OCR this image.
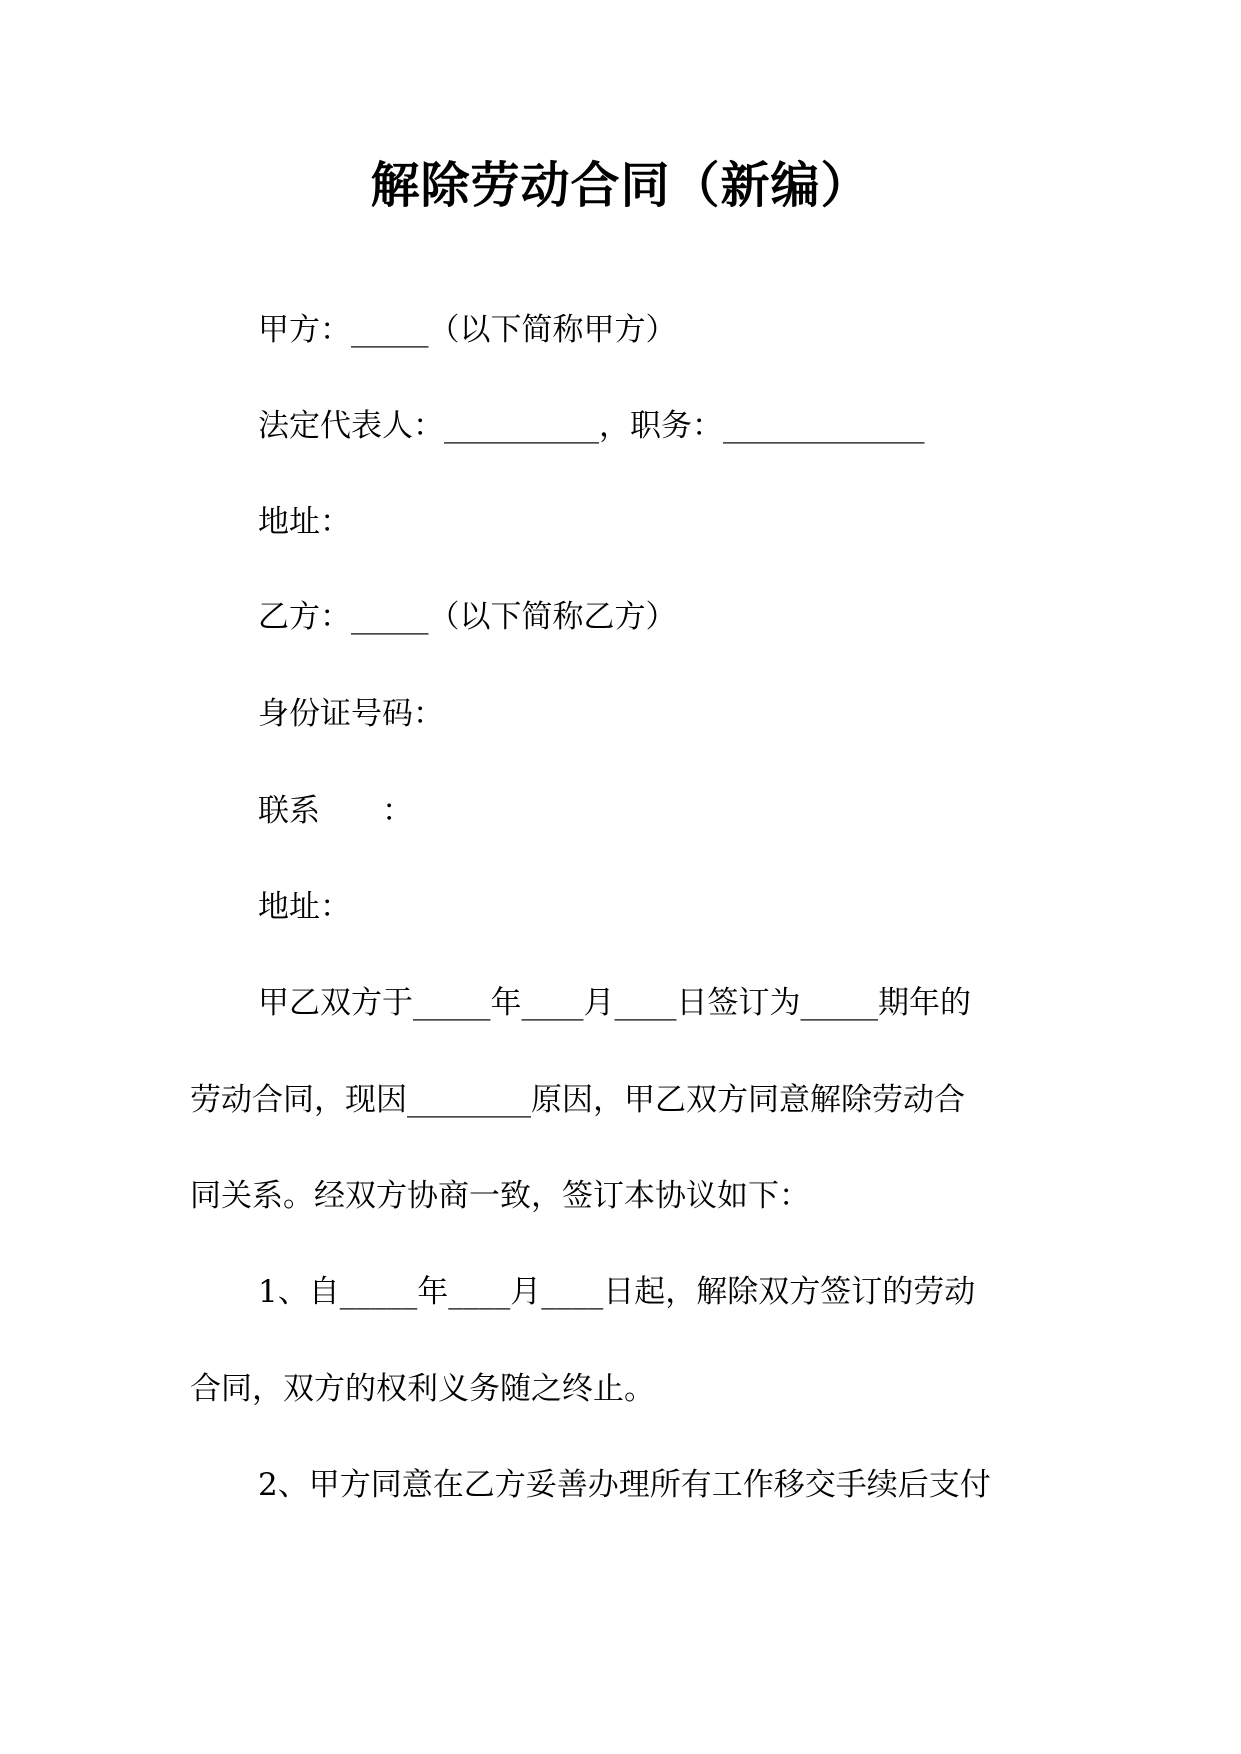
解除劳动合同（新编）

甲方：_____（以下简称甲方）

法定代表人：__________，职务：_____________

地址：

乙方：_____（以下简称乙方）

身份证号码：

联系　　：

地址：

甲乙双方于_____年____月____日签订为_____期年的

劳动合同，现因________原因，甲乙双方同意解除劳动合

同关系。经双方协商一致，签订本协议如下：

1、自_____年____月____日起，解除双方签订的劳动

合同，双方的权利义务随之终止。

2、甲方同意在乙方妥善办理所有工作移交手续后支付
